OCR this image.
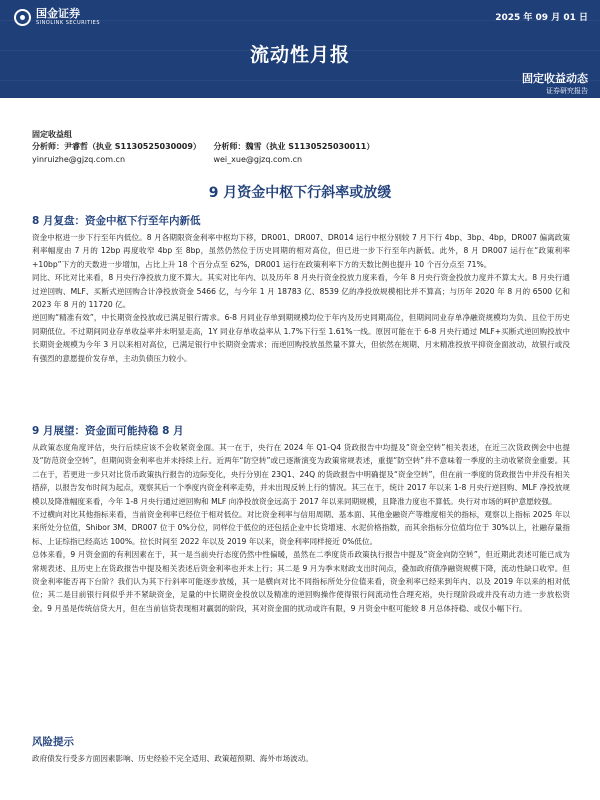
国金证券
SINOLINK SECURITIES	2025 年 09 月 01 日
流动性月报
固定收益动态
证券研究报告
固定收益组
分析师：尹睿哲（执业 S1130525030009）
yinruizhe@gjzq.com.cn

分析师：魏雪（执业 S1130525030011）
wei_xue@gjzq.com.cn
9 月资金中枢下行斜率或放缓
8 月复盘：资金中枢下行至年内新低

资金中枢进一步下行至年内低位。8 月各期限资金利率中枢均下移，DR001、DR007、DR014 运行中枢分别较 7 月下行 4bp、3bp、4bp，DR007 偏离政策利率幅度由 7 月的 12bp 再度收窄 4bp 至 8bp，虽然仍然位于历史同期的相对高位，但已进一步下行至年内新低。此外，8 月 DR007 运行在“政策利率+10bp”下方的天数进一步增加，占比上升 18 个百分点至 62%，DR001 运行在政策利率下方的天数比例也提升 10 个百分点至 71%。

同比、环比对比来看，8 月央行净投放力度不算大。其实对比年内、以及历年 8 月央行资金投放力度来看，今年 8 月央行资金投放力度并不算太大。8 月央行通过逆回购、MLF、买断式逆回购合计净投放资金 5466 亿，与今年 1 月 18783 亿、8539 亿的净投放规模相比并不算高；与历年 2020 年 8 月的 6500 亿和 2023 年 8 月的 11720 亿。

逆回购“精准有效”，中长期资金投放或已满足银行需求。6-8 月同业存单到期规模均位于年内及历史同期高位，但期间同业存单净融资规模均为负、且位于历史同期低位。不过期间同业存单收益率并未明显走高，1Y 同业存单收益率从 1.7%下行至 1.61%一线。原因可能在于 6-8 月央行通过 MLF+买断式逆回购投放中长期资金规模为今年 3 月以来相对高位，已满足银行中长期资金需求；而逆回购投放虽然量不算大，但依然在规期、月末精准投放平抑资金面波动，故银行或没有强烈的意愿提价发存单，主动负债压力较小。

9 月展望：资金面可能持稳 8 月

从政策态度角度评估，央行后续应该不会收紧资金面。其一在于，央行在 2024 年 Q1-Q4 货政报告中均提及“资金空转”相关表述，在近三次货政例会中也提及“防范资金空转”，但期间资金利率也并未持续上行。近两年“防空转”或已逐渐演变为政策常规表述，重提“防空转”并不意味着一季度的主动收紧资金重要。其二在于，若更进一步只对比货币政策执行报告的边际变化，央行分别在 23Q1、24Q 的货政报告中明确提及“资金空转”，但在前一季度的货政报告中并没有相关措辞，以报告发布时间为起点，观察其后一个季度内资金利率走势，并未出现反转上行的情况。其三在于，统计 2017 年以来 1-8 月央行逆回购、MLF 净投放规模以及降准幅度来看，今年 1-8 月央行通过逆回购和 MLF 向净投放资金远高于 2017 年以来同期规模，且降准力度也不算低。央行对市场的呵护意愿较强。

不过横向对比其他指标来看，当前资金利率已经位于相对低位。对比资金利率与信用周期、基本面、其他金融资产等维度相关的指标，观察以上指标 2025 年以来所处分位值，Shibor 3M、DR007 位于 0%分位，同样位于低位的还包括企业中长贷增速、水泥价格指数，而其余指标分位值均位于 30%以上，社融存量指标、上证综指已经高达 100%。拉长时间至 2022 年以及 2019 年以来，资金利率同样接近 0%低位。

总体来看，9 月资金面的有利因素在于，其一是当前央行态度仍然中性偏暖，虽然在二季度货币政策执行报告中提及“资金向防空转”，但近期此表述可能已成为常规表述、且历史上在货政报告中提及相关表述后资金利率也并未上行；其二是 9 月为季末财政支出时间点，叠加政府债净融资规模下降，流动性缺口收窄。但资金利率能否再下台阶？我们认为其下行斜率可能逐步放缓，其一是横向对比不同指标所处分位值来看，资金利率已经来到年内、以及 2019 年以来的相对低位；其二是目前银行间似乎并不紧缺资金，足量的中长期资金投放以及精准的逆回购操作使得银行间流动性合理充裕，央行现阶段或并没有动力进一步放松资金。9 月虽是传统信贷大月，但在当前信贷表现相对羸弱的阶段，其对资金面的扰动或许有限，9 月资金中枢可能较 8 月总体持稳、或仅小幅下行。

风险提示

政府债发行受多方面因素影响、历史经验不完全适用、政策超预期、海外市场波动。
